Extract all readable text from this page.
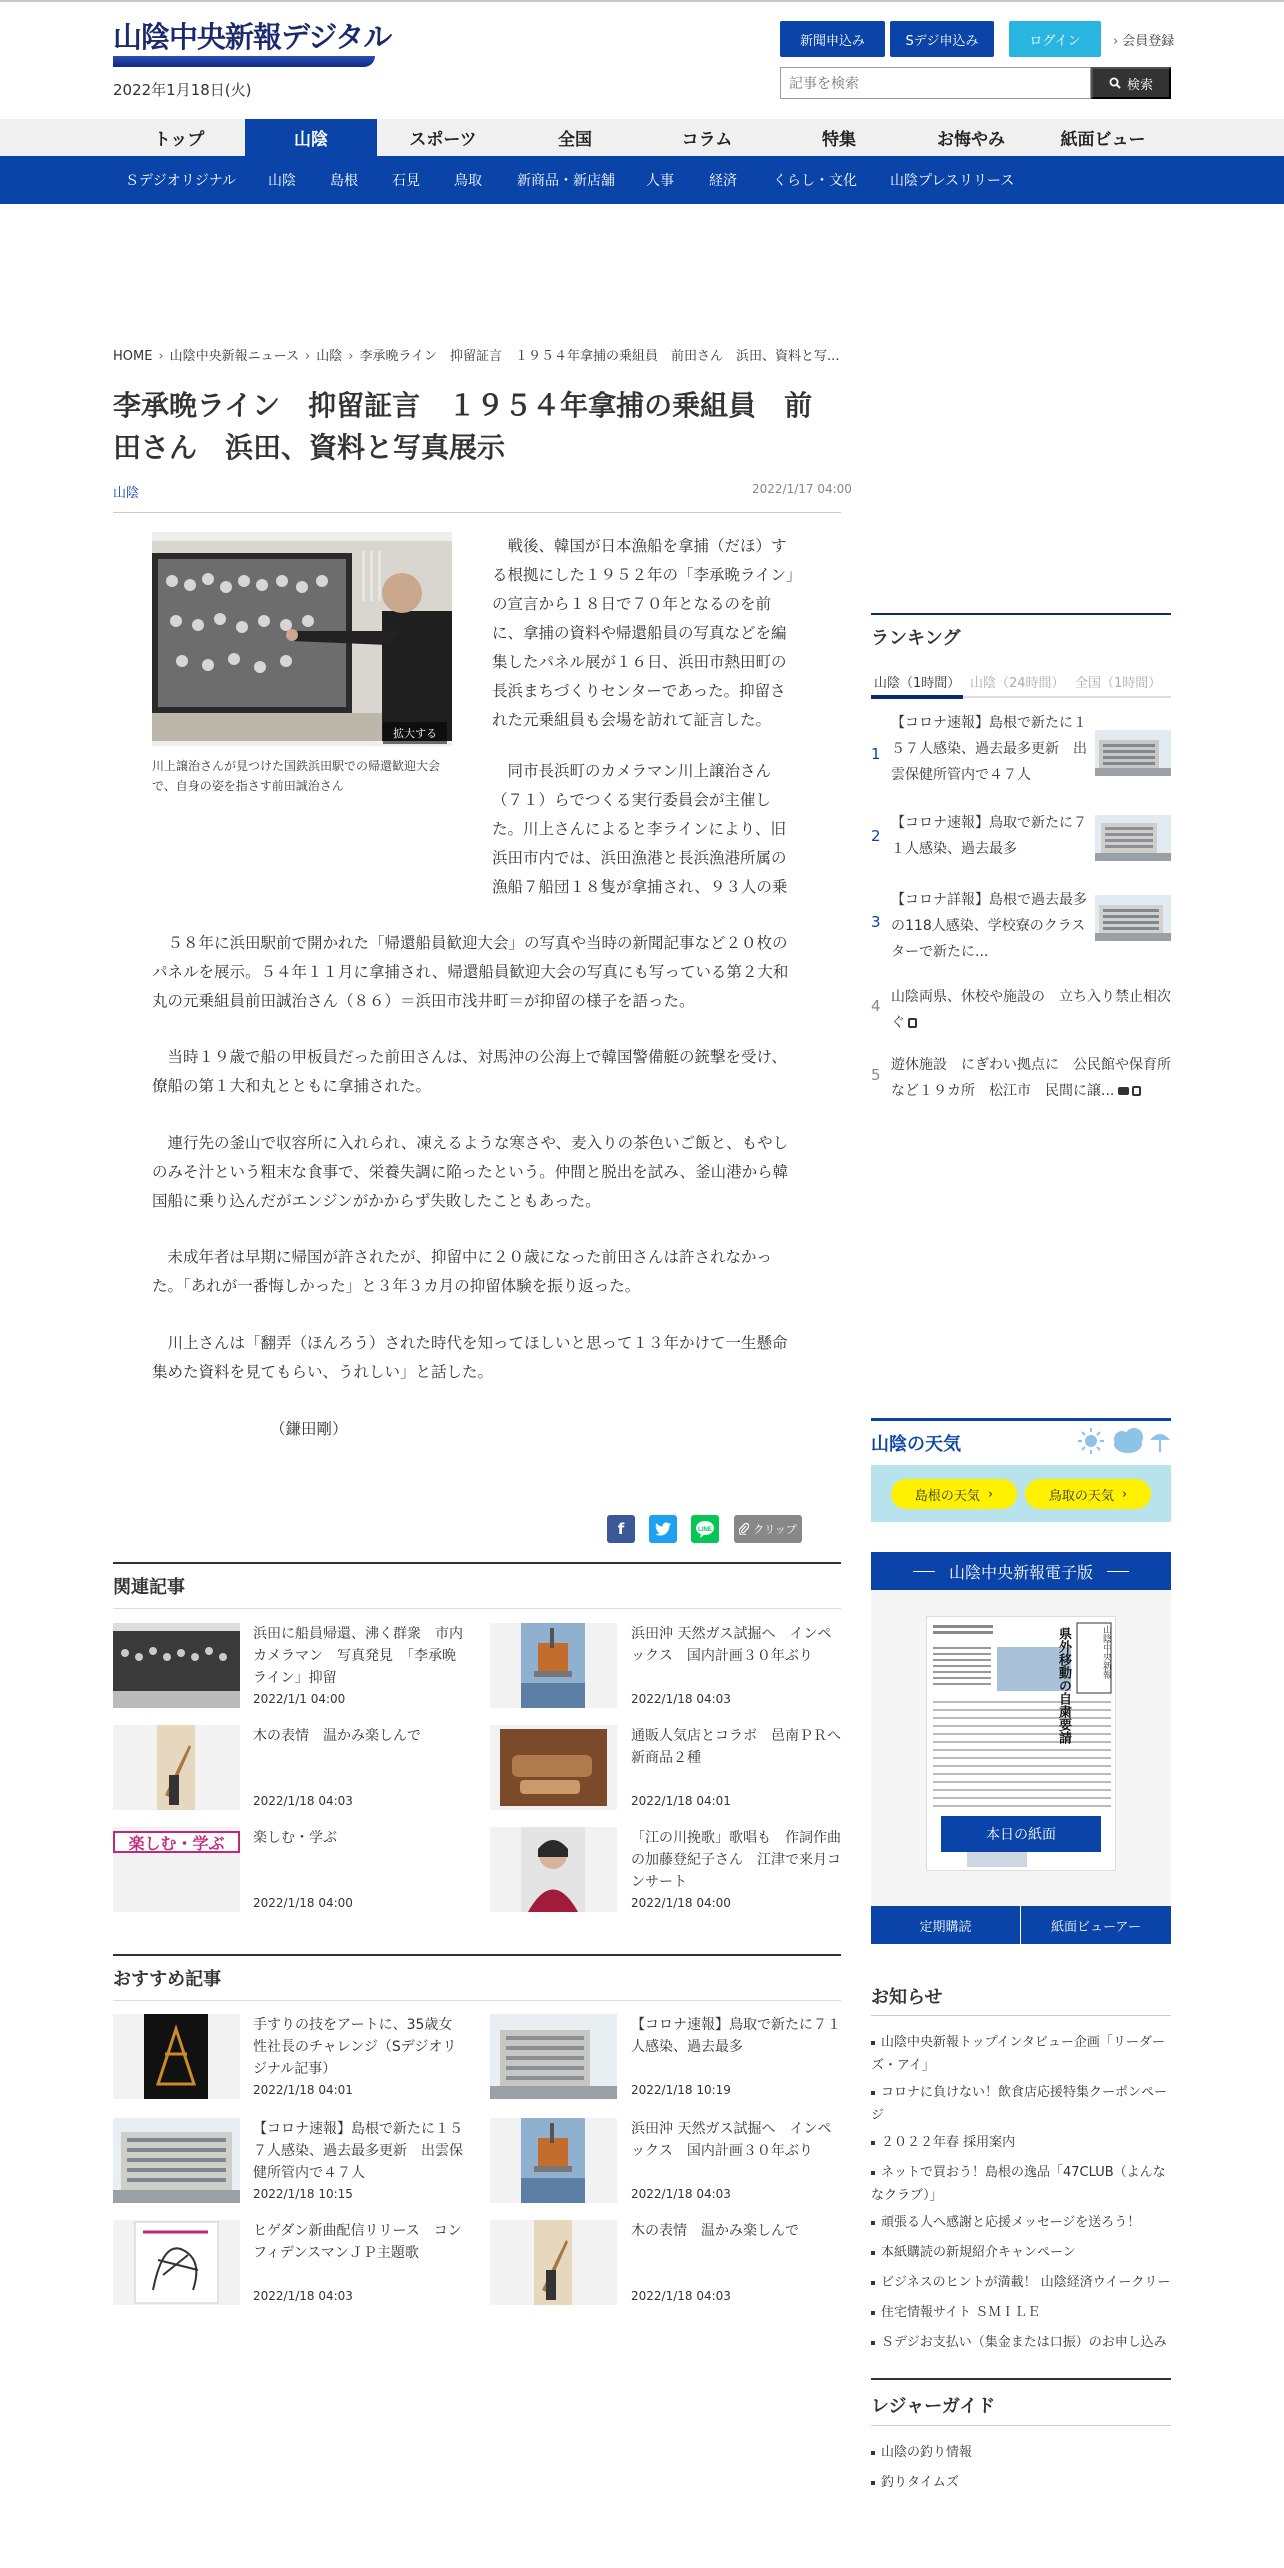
山陰中央新報デジタル
2022年1月18日(火)
新聞申込み	Sデジ申込み	ログイン	› 会員登録
記事を検索
検索
トップ	山陰	スポーツ	全国	コラム	特集	お悔やみ	紙面ビュー
Ｓデジオリジナル 山陰 島根 石見 鳥取	新商品・新店舗 人事	経済	くらし・文化 山陰プレスリリース
HOME › 山陰中央新報ニュース › 山陰 › 李承晩ライン　抑留証言　１９５４年拿捕の乗組員　前田さん　浜田、資料と写...
李承晩ライン　抑留証言　１９５４年拿捕の乗組員　前田さん　浜田、資料と写真展示
山陰	2022/1/17 04:00
拡大する
川上譲治さんが見つけた国鉄浜田駅での帰還歓迎大会で、自身の姿を指さす前田誠治さん
戦後、韓国が日本漁船を拿捕（だほ）する根拠にした１９５２年の「李承晩ライン」の宣言から１８日で７０年となるのを前に、拿捕の資料や帰還船員の写真などを編集したパネル展が１６日、浜田市熱田町の長浜まちづくりセンターであった。抑留された元乗組員も会場を訪れて証言した。
同市長浜町のカメラマン川上譲治さん（７１）らでつくる実行委員会が主催し
た。川上さんによると李ラインにより、旧浜田市内では、浜田漁港と長浜漁港所属の漁船７船団１８隻が拿捕され、９３人の乗
５８年に浜田駅前で開かれた「帰還船員歓迎大会」の写真や当時の新聞記事など２０枚のパネルを展示。５４年１１月に拿捕され、帰還船員歓迎大会の写真にも写っている第２大和丸の元乗組員前田誠治さん（８６）＝浜田市浅井町＝が抑留の様子を語った。
当時１９歳で船の甲板員だった前田さんは、対馬沖の公海上で韓国警備艇の銃撃を受け、僚船の第１大和丸とともに拿捕された。
連行先の釜山で収容所に入れられ、凍えるような寒さや、麦入りの茶色いご飯と、もやしのみそ汁という粗末な食事で、栄養失調に陥ったという。仲間と脱出を試み、釜山港から韓国船に乗り込んだがエンジンがかからず失敗したこともあった。
未成年者は早期に帰国が許されたが、抑留中に２０歳になった前田さんは許されなかった。「あれが一番悔しかった」と３年３カ月の抑留体験を振り返った。
川上さんは「翻弄（ほんろう）された時代を知ってほしいと思って１３年かけて一生懸命集めた資料を見てもらい、うれしい」と話した。
（鎌田剛）
f	LINE	クリップ
関連記事
浜田に船員帰還、沸く群衆　市内カメラマン　写真発見　「李承晩ライン」抑留
2022/1/1 04:00
浜田沖 天然ガス試掘へ　インペックス　国内計画３０年ぶり
2022/1/18 04:03
木の表情　温かみ楽しんで
2022/1/18 04:03
通販人気店とコラボ　邑南ＰＲへ新商品２種
2022/1/18 04:01
楽しむ・学ぶ	楽しむ・学ぶ
2022/1/18 04:00
「江の川挽歌」歌唱も　作詞作曲の加藤登紀子さん　江津で来月コンサート
2022/1/18 04:00
おすすめ記事
手すりの技をアートに、35歳女性社長のチャレンジ（Sデジオリジナル記事）
2022/1/18 04:01
【コロナ速報】鳥取で新たに７１人感染、過去最多
2022/1/18 10:19
【コロナ速報】島根で新たに１５７人感染、過去最多更新　出雲保健所管内で４７人
2022/1/18 10:15
浜田沖 天然ガス試掘へ　インペックス　国内計画３０年ぶり
2022/1/18 04:03
ヒゲダン新曲配信リリース　コンフィデンスマンＪＰ主題歌
2022/1/18 04:03
木の表情　温かみ楽しんで
2022/1/18 04:03
ランキング
山陰（1時間） 山陰（24時間） 全国（1時間）
1
【コロナ速報】島根で新たに１５７人感染、過去最多更新　出雲保健所管内で４７人
2
【コロナ速報】鳥取で新たに７１人感染、過去最多
3
【コロナ詳報】島根で過去最多の118人感染、学校寮のクラスターで新たに...
4 山陰両県、休校や施設の　立ち入り禁止相次ぐ
5
遊休施設　にぎわい拠点に　公民館や保育所など１９カ所　松江市　民間に譲...
山陰の天気
島根の天気 ›	鳥取の天気 ›
山陰中央新報電子版
山陰中央新報
県外移動の自粛要請
本日の紙面
定期購読	紙面ビューアー
お知らせ
山陰中央新報トップインタビュー企画「リーダーズ・アイ」
コロナに負けない！飲食店応援特集クーポンページ
２０２２年春 採用案内
ネットで買おう！島根の逸品「47CLUB（よんななクラブ）」
頑張る人へ感謝と応援メッセージを送ろう！
本紙購読の新規紹介キャンペーン
ビジネスのヒントが満載！ 山陰経済ウイークリー
住宅情報サイト ＳＭＩＬＥ
Ｓデジお支払い（集金または口振）のお申し込み
レジャーガイド
山陰の釣り情報
釣りタイムズ
